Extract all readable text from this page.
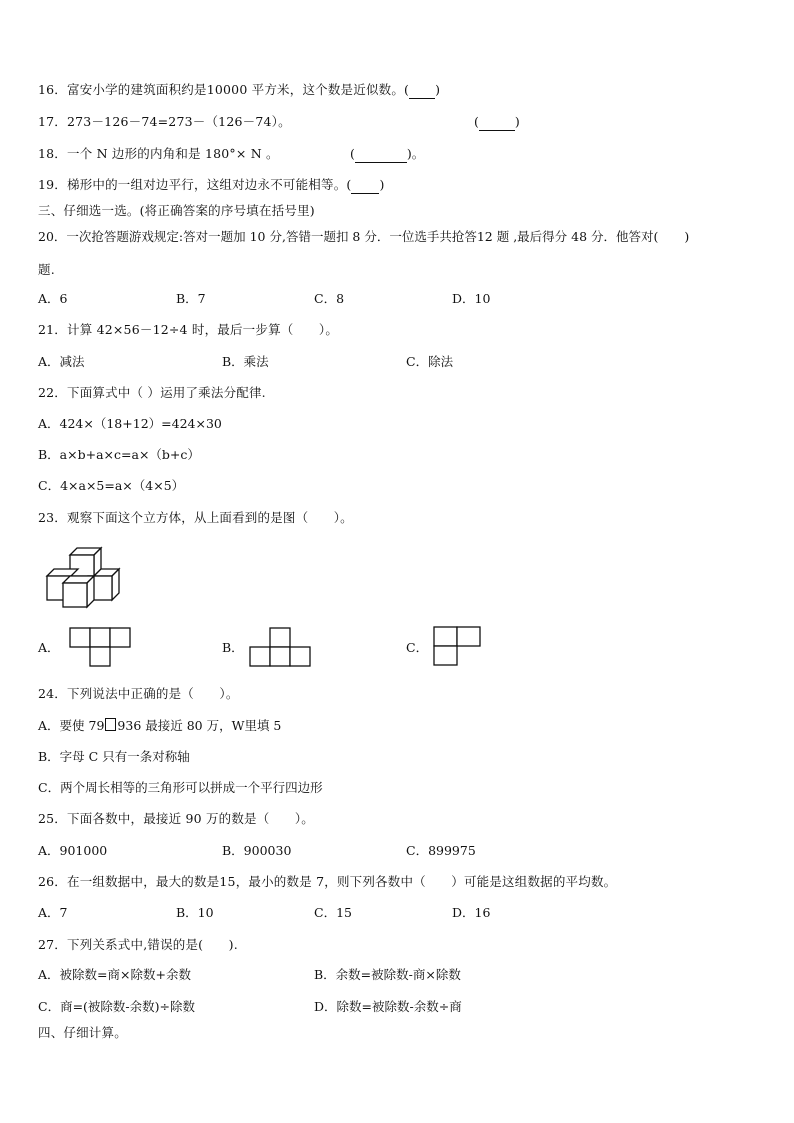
16．富安小学的建筑面积约是10000 平方米，这个数是近似数。( )
17．273－126－74=273－（126－74）。	(	)
18．一个 N 边形的内角和是 180°× N 。	(	)。
19．梯形中的一组对边平行，这组对边永不可能相等。( )
三、仔细选一选。(将正确答案的序号填在括号里)
20．一次抢答题游戏规定:答对一题加 10 分,答错一题扣 8 分．一位选手共抢答12 题 ,最后得分 48 分．他答对( )
题.
A．6	B．7	C．8	D．10
21．计算 42×56－12÷4 时，最后一步算（　　）。
A．减法	B．乘法	C．除法
22．下面算式中（ ）运用了乘法分配律.
A．424×（18+12）=424×30
B．a×b+a×c=a×（b+c）
C．4×a×5=a×（4×5）
23．观察下面这个立方体，从上面看到的是图（　　）。
A．	B．	C．
24．下列说法中正确的是（　　）。
A．要使 79 936 最接近 80 万，W里填 5
B．字母 C 只有一条对称轴
C．两个周长相等的三角形可以拼成一个平行四边形
25．下面各数中，最接近 90 万的数是（　　）。
A．901000	B．900030	C．899975
26．在一组数据中，最大的数是15，最小的数是 7，则下列各数中（　　）可能是这组数据的平均数。
A．7	B．10	C．15	D．16
27．下列关系式中,错误的是(　　).
A．被除数=商×除数+余数	B．余数=被除数-商×除数
C．商=(被除数-余数)÷除数	D．除数=被除数-余数÷商
四、仔细计算。
